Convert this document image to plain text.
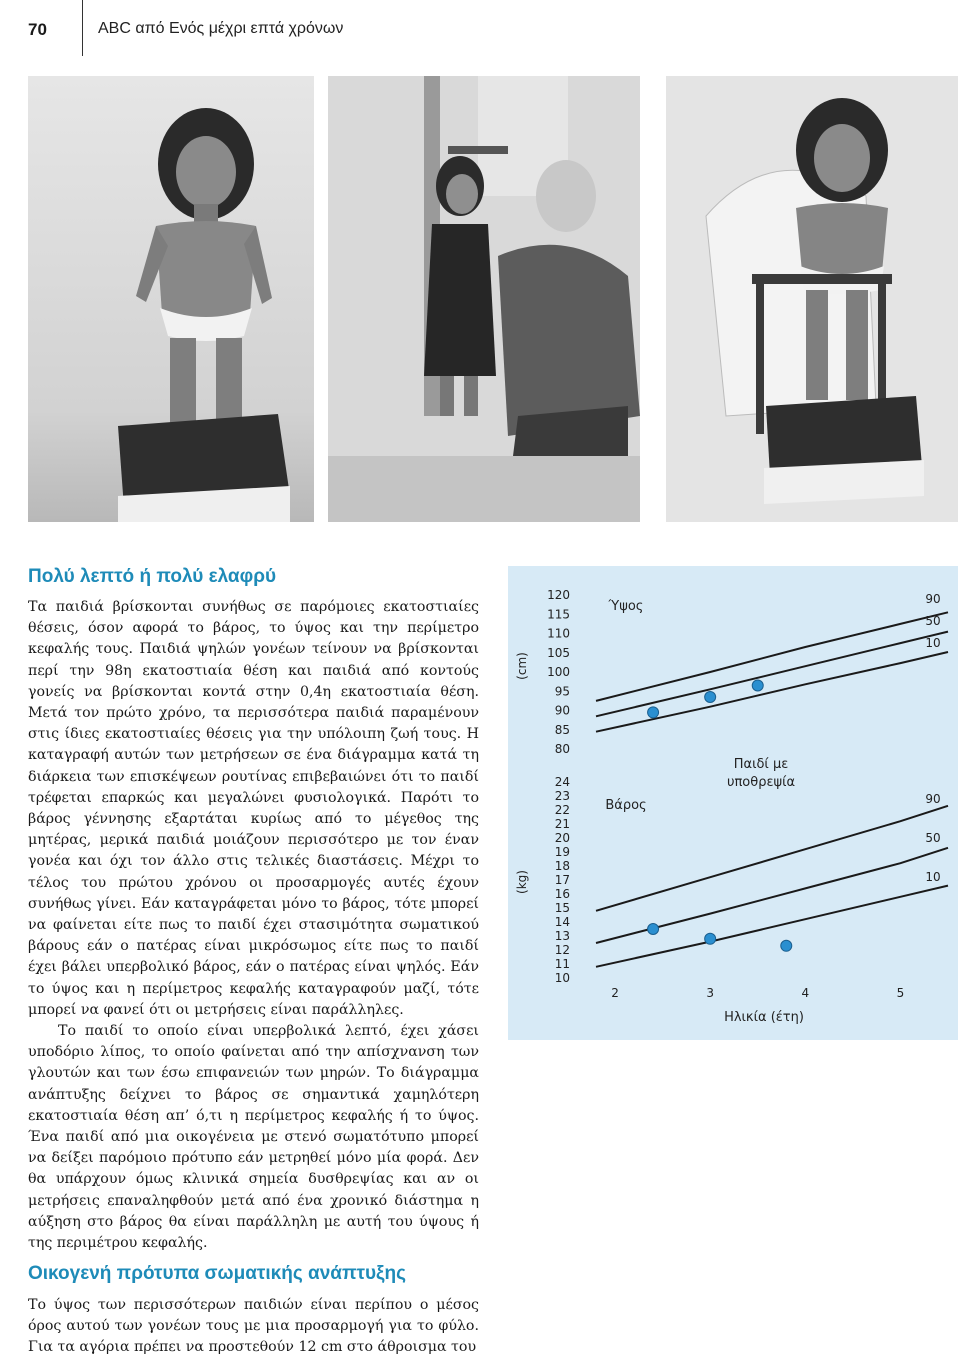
70	ABC από Ενός μέχρι επτά χρόνων
Πολύ λεπτό ή πολύ ελαφρύ

Τα παιδιά βρίσκονται συνήθως σε παρόμοιες εκατοστιαίες θέσεις, όσον αφορά το βάρος, το ύψος και την περίμετρο κεφαλής τους. Παιδιά ψηλών γονέων τείνουν να βρίσκονται περί την 98η εκατοστιαία θέση και παιδιά από κοντούς γονείς να βρίσκονται κοντά στην 0,4η εκατοστιαία θέση. Μετά τον πρώτο χρόνο, τα περισσότερα παιδιά παραμένουν στις ίδιες εκατοστιαίες θέσεις για την υπόλοιπη ζωή τους. Η καταγραφή αυτών των μετρήσεων σε ένα διάγραμμα κατά τη διάρκεια των επισκέψεων ρουτίνας επιβεβαιώνει ότι το παιδί τρέφεται επαρκώς και μεγαλώνει φυσιολογικά. Παρότι το βάρος γέννησης εξαρτάται κυρίως από το μέγεθος της μητέρας, μερικά παιδιά μοιάζουν περισσότερο με τον έναν γονέα και όχι τον άλλο στις τελικές διαστάσεις. Μέχρι το τέλος του πρώτου χρόνου οι προσαρμογές αυτές έχουν συνήθως γίνει. Εάν καταγράφεται μόνο το βάρος, τότε μπορεί να φαίνεται είτε πως το παιδί έχει στασιμότητα σωματικού βάρους εάν ο πατέρας είναι μικρόσωμος είτε πως το παιδί έχει βάλει υπερβολικό βάρος, εάν ο πατέρας είναι ψηλός. Εάν το ύψος και η περίμετρος κεφαλής καταγραφούν μαζί, τότε μπορεί να φανεί ότι οι μετρήσεις είναι παράλληλες.

Το παιδί το οποίο είναι υπερβολικά λεπτό, έχει χάσει υποδόριο λίπος, το οποίο φαίνεται από την απίσχνανση των γλουτών και των έσω επιφανειών των μηρών. Το διάγραμμα ανάπτυξης δείχνει το βάρος σε σημαντικά χαμηλότερη εκατοστιαία θέση απ’ ό,τι η περίμετρος κεφαλής ή το ύψος. Ένα παιδί από μια οικογένεια με στενό σωματότυπο μπορεί να δείξει παρόμοιο πρότυπο εάν μετρηθεί μόνο μία φορά. Δεν θα υπάρχουν όμως κλινικά σημεία δυσθρεψίας και αν οι μετρήσεις επαναληφθούν μετά από ένα χρονικό διάστημα η αύξηση στο βάρος θα είναι παράλληλη με αυτή του ύψους ή της περιμέτρου κεφαλής.

(cm)
120
115
110
105
100
95
90
85
80
Ύψος	90
50
10
(kg)
24
23
22
21
20
19
18
17
16
15
14
13
12
11
10
Βάρος	90
50
10
Παιδί με
υποθρεψία
2	3	4	5
Ηλικία (έτη)
Οικογενή πρότυπα σωματικής ανάπτυξης

Το ύψος των περισσότερων παιδιών είναι περίπου ο μέσος όρος αυτού των γονέων τους με μια προσαρμογή για το φύλο. Για τα αγόρια πρέπει να προστεθούν 12 cm στο άθροισμα του
